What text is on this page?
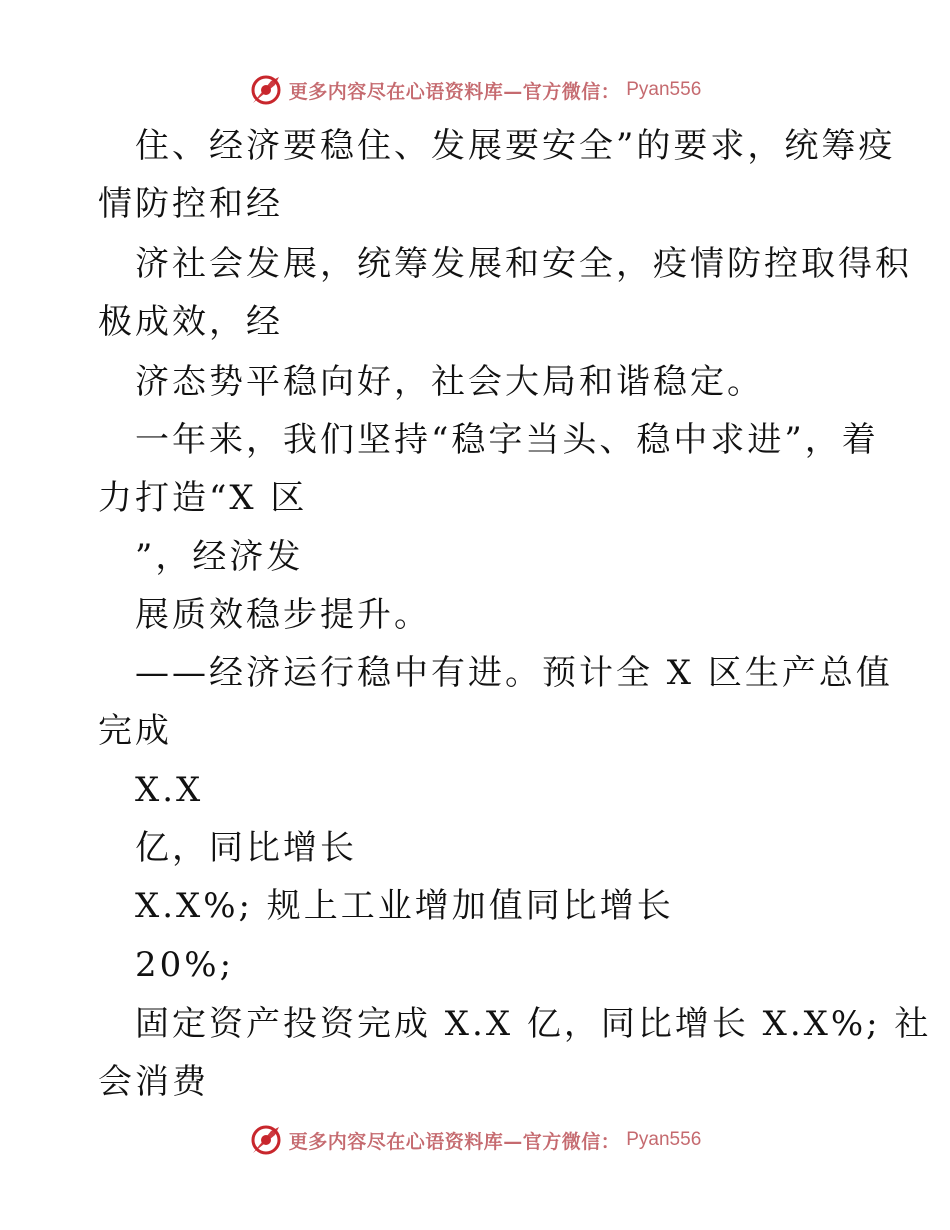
更多内容尽在心语资料库—官方微信： Pyan556
住、经济要稳住、发展要安全”的要求，统筹疫
情防控和经
济社会发展，统筹发展和安全，疫情防控取得积
极成效，经
济态势平稳向好，社会大局和谐稳定。
一年来，我们坚持“稳字当头、稳中求进”，着
力打造“X 区
”，经济发
展质效稳步提升。
——经济运行稳中有进。预计全 X 区生产总值
完成
X.X
亿，同比增长
X.X%; 规上工业增加值同比增长
20%;
固定资产投资完成 X.X 亿，同比增长 X.X%; 社
会消费
更多内容尽在心语资料库—官方微信： Pyan556
